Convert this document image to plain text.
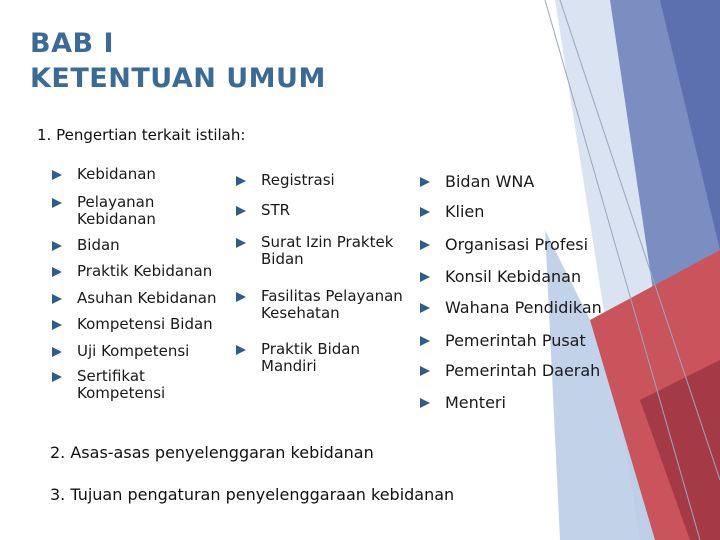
BAB I
KETENTUAN UMUM
1. Pengertian terkait istilah:
Kebidanan
Pelayanan
Kebidanan
Bidan
Praktik Kebidanan
Asuhan Kebidanan
Kompetensi Bidan
Uji Kompetensi
Sertifikat
Kompetensi
Registrasi
STR
Surat Izin Praktek
Bidan
Fasilitas Pelayanan
Kesehatan
Praktik Bidan
Mandiri
Bidan WNA
Klien
Organisasi Profesi
Konsil Kebidanan
Wahana Pendidikan
Pemerintah Pusat
Pemerintah Daerah
Menteri
2. Asas-asas penyelenggaran kebidanan
3. Tujuan pengaturan penyelenggaraan kebidanan
